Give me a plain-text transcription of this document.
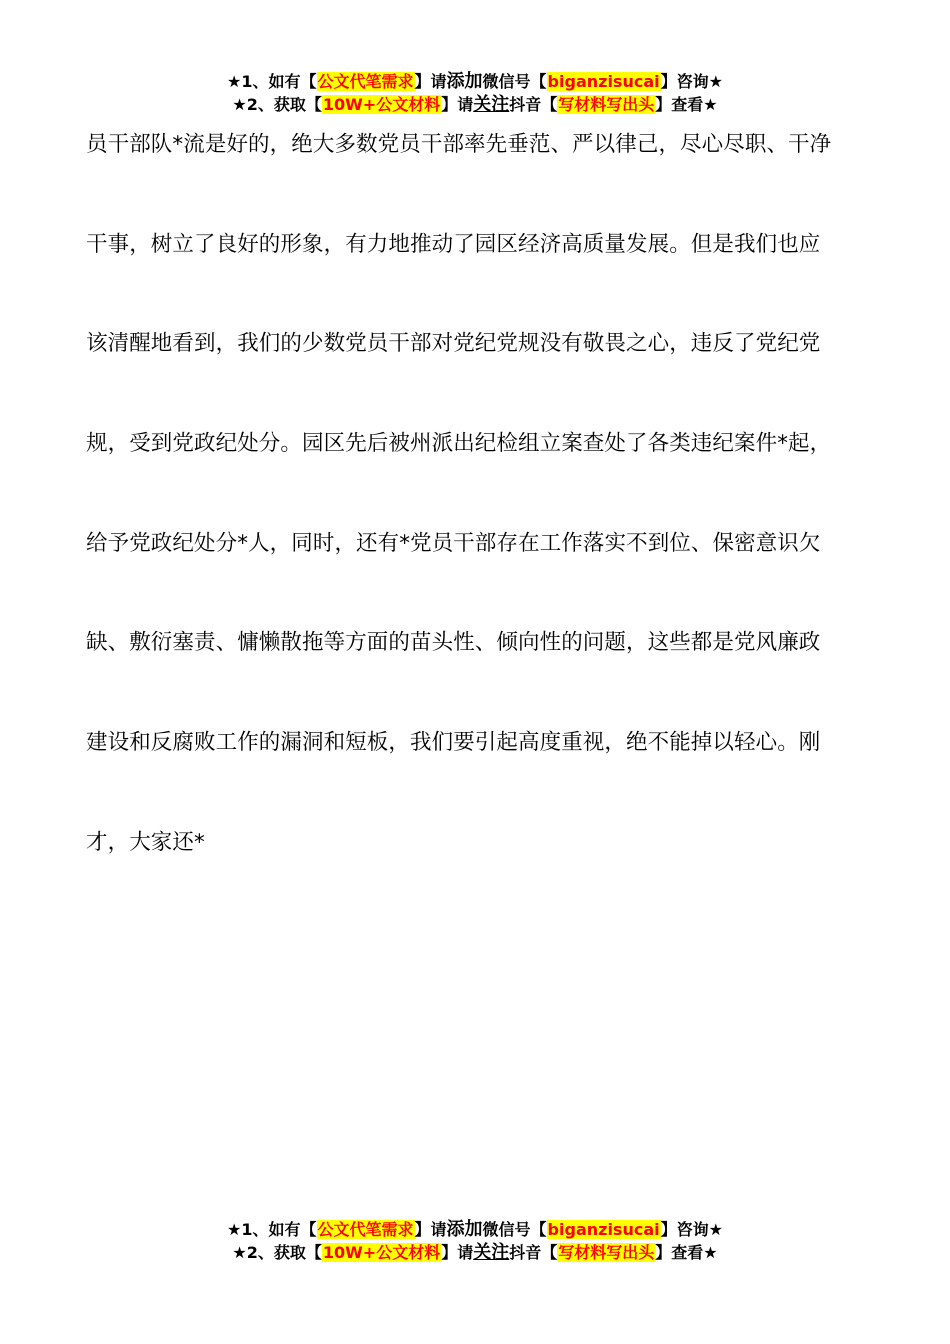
★1、如有【公文代笔需求】请添加微信号【biganzisucai】咨询★
★2、获取【10W+公文材料】请关注抖音【写材料写出头】查看★
员干部队*流是好的，绝大多数党员干部率先垂范、严以律己，尽心尽职、干净
干事，树立了良好的形象，有力地推动了园区经济高质量发展。但是我们也应
该清醒地看到，我们的少数党员干部对党纪党规没有敬畏之心，违反了党纪党
规，受到党政纪处分。园区先后被州派出纪检组立案查处了各类违纪案件*起，
给予党政纪处分*人，同时，还有*党员干部存在工作落实不到位、保密意识欠
缺、敷衍塞责、慵懒散拖等方面的苗头性、倾向性的问题，这些都是党风廉政
建设和反腐败工作的漏洞和短板，我们要引起高度重视，绝不能掉以轻心。刚
才，大家还*
★1、如有【公文代笔需求】请添加微信号【biganzisucai】咨询★
★2、获取【10W+公文材料】请关注抖音【写材料写出头】查看★
